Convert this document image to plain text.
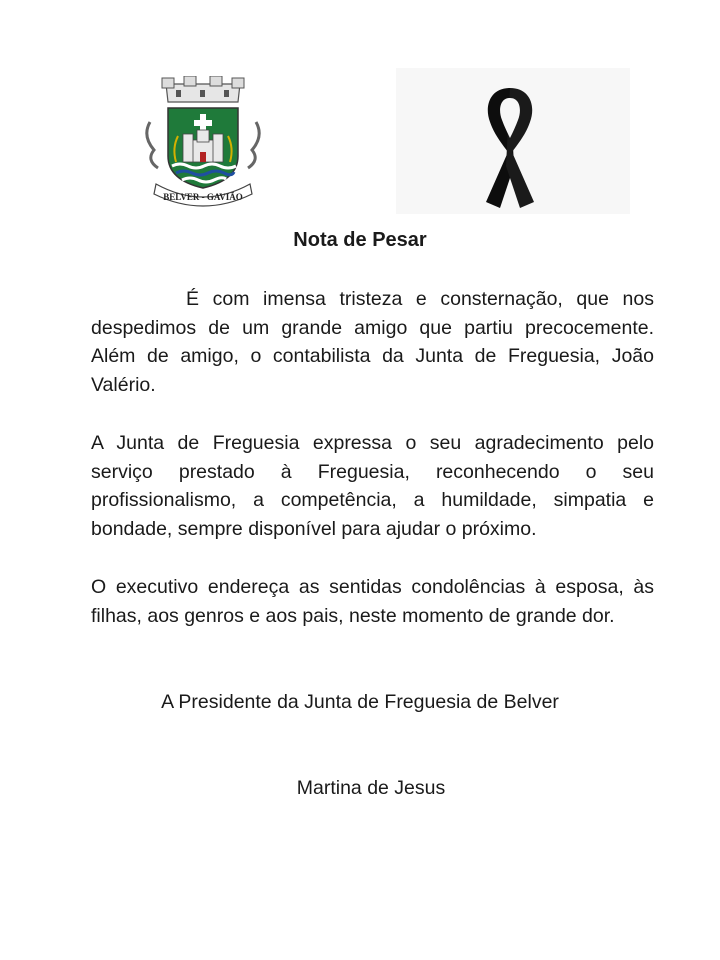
BELVER - GAVIÃO
Nota de Pesar

É com imensa tristeza e consternação, que nos despedimos de um grande amigo que partiu precocemente. Além de amigo, o contabilista da Junta de Freguesia, João Valério.

A Junta de Freguesia expressa o seu agradecimento pelo serviço prestado à Freguesia, reconhecendo o seu profissionalismo, a competência, a humildade, simpatia e bondade, sempre disponível para ajudar o próximo.

O executivo endereça as sentidas condolências à esposa, às filhas, aos genros e aos pais, neste momento de grande dor.

A Presidente da Junta de Freguesia de Belver
Martina de Jesus
